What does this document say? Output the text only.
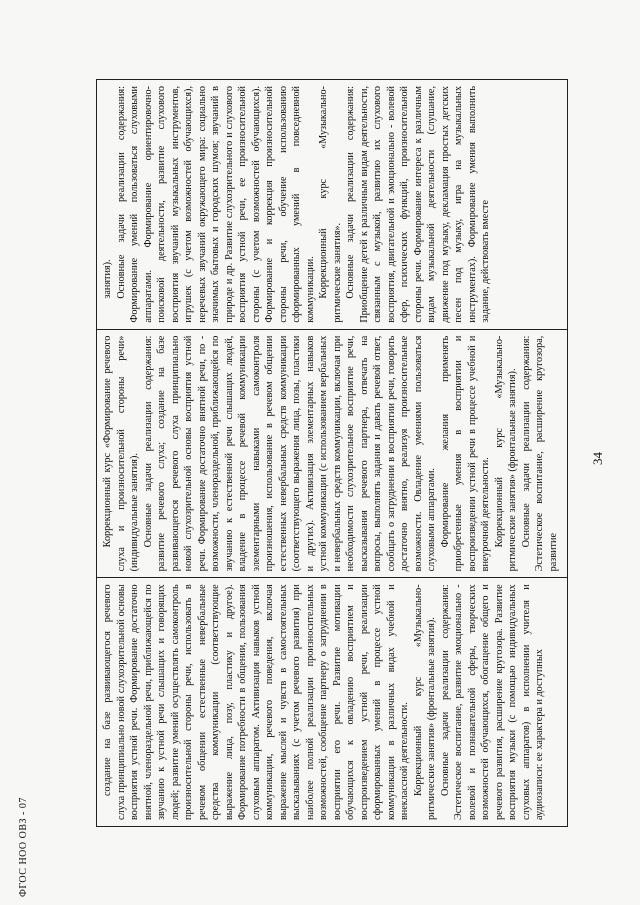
ФГОС НОО ОВЗ - 07

создание на базе развивающегося речевого слуха принципиально новой слухозрительной основы восприятия устной речи. Формирование достаточно внятной, членораздельной речи, приближающейся по звучанию к устной речи слышащих и говорящих людей; развитие умений осуществлять самоконтроль произносительной стороны речи, использовать в речевом общении естественные невербальные средства коммуникации (соответствующие выражение лица, позу, пластику и другое). Формирование потребности в общении, пользования слуховым аппаратом. Активизация навыков устной коммуникации, речевого поведения, включая выражение мыслей и чувств в самостоятельных высказываниях (с учетом речевого развития) при наиболее полной реализации произносительных возможностей, сообщение партнеру о затруднении в восприятии его речи. Развитие мотивации обучающихся к овладению восприятием и воспроизведением устной речи, реализации сформированных умений в процессе устной коммуникации в различных видах учебной и внеклассной деятельности. Коррекционный курс «Музыкально-ритмические занятия» (фронтальные занятия). Основные задачи реализации содержания: Эстетическое воспитание, развитие эмоционально - волевой и познавательной сферы, творческих возможностей обучающихся, обогащение общего и речевого развития, расширение кругозора. Развитие восприятия музыки (с помощью индивидуальных слуховых аппаратов) в исполнении учителя и аудиозаписи: ее характера и доступных

Коррекционный курс «Формирование речевого слуха и произносительной стороны речи» (индивидуальные занятия). Основные задачи реализации содержания: развитие речевого слуха; создание на базе развивающегося речевого слуха принципиально новой слухозрительной основы восприятия устной речи. Формирование достаточно внятной речи, по - возможности, членораздельной, приближающейся по звучанию к естественной речи слышащих людей, владение в процессе речевой коммуникации элементарными навыками самоконтроля произношения, использование в речевом общении естественных невербальных средств коммуникации (соответствующего выражения лица, позы, пластики и других). Активизация элементарных навыков устной коммуникации (с использованием вербальных и невербальных средств коммуникации, включая при необходимости слухозрительное восприятие речи, высказывания речевого партнера, отвечать на вопросы, выполнять задания и давать речевой ответ, сообщать о затруднении в восприятии речи, говорить достаточно внятно, реализуя произносительные возможности. Овладение умениями пользоваться слуховыми аппаратами. Формирование желания применять приобретенные умения в восприятии и воспроизведении устной речи в процессе учебной и внеурочной деятельности. Коррекционный курс «Музыкально-ритмические занятия» (фронтальные занятия). Основные задачи реализации содержания: Эстетическое воспитание, расширение кругозора, развитие

занятия). Основные задачи реализации содержания: Формирование умений пользоваться слуховыми аппаратами. Формирование ориентировочно-поисковой деятельности, развитие слухового восприятия звучаний музыкальных инструментов, игрушек (с учетом возможностей обучающихся), неречевых звучаний окружающего мира: социально значимых бытовых и городских шумов; звучаний в природе и др. Развитие слухозрительного и слухового восприятия устной речи, ее произносительной стороны (с учетом возможностей обучающихся). Формирование и коррекция произносительной стороны речи, обучение использованию сформированных умений в повседневной коммуникации. Коррекционный курс «Музыкально-ритмические занятия». Основные задачи реализации содержания: Приобщение детей к различным видам деятельности, связанным с музыкой, развитию их слухового восприятия, двигательной и эмоционально - волевой сфер, психических функций, произносительной стороны речи. Формирование интереса к различным видам музыкальной деятельности (слушание, движение под музыку, декламация простых детских песен под музыку, игра на музыкальных инструментах). Формирование умения выполнить задание, действовать вместе

34
